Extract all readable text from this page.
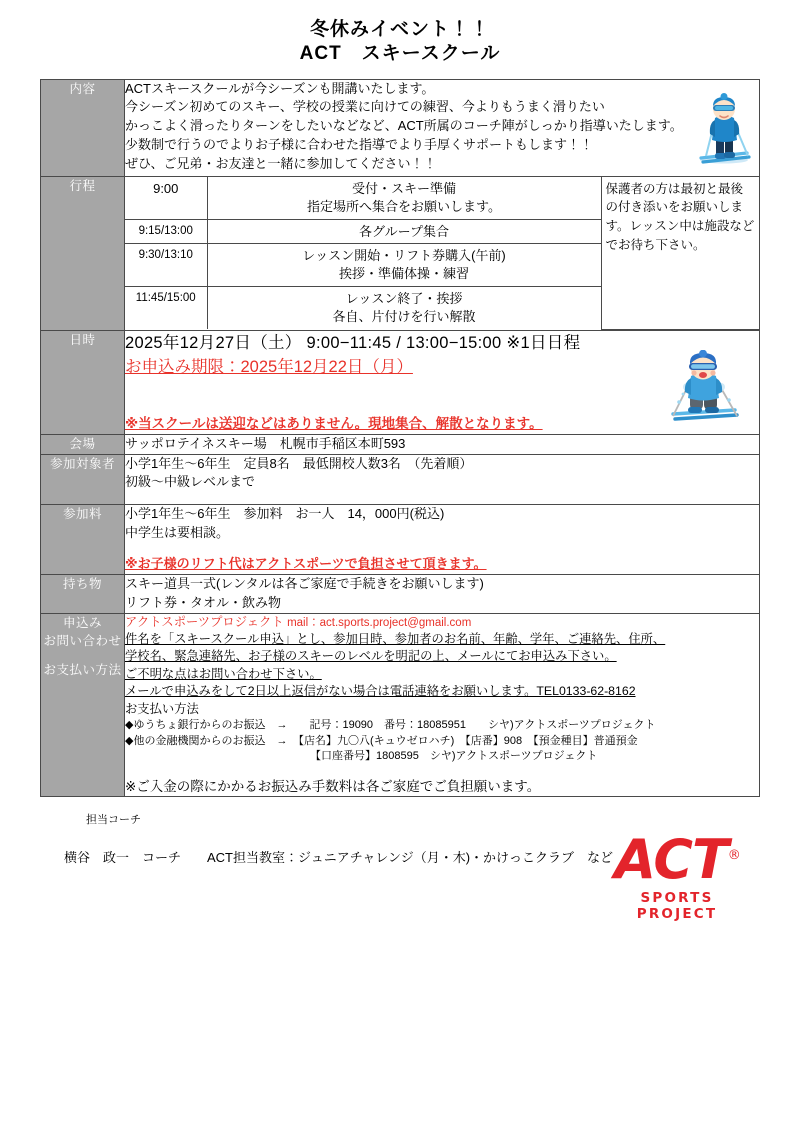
冬休みイベント！！
ACT　スキースクール
内容	ACTスキースクールが今シーズンも開講いたします。
今シーズン初めてのスキー、学校の授業に向けての練習、今よりもうまく滑りたい
かっこよく滑ったりターンをしたいなどなど、ACT所属のコーチ陣がしっかり指導いたします。
少数制で行うのでよりお子様に合わせた指導でより手厚くサポートもします！！
ぜひ、ご兄弟・お友達と一緒に参加してください！！

行程		9:00	受付・スキー準備
指定場所へ集合をお願いします。
	保護者の方は最初と最後の付き添いをお願いします。レッスン中は施設などでお待ち下さい。
9:15/13:00	各グループ集合

9:30/13:10	レッスン開始・リフト券購入(午前)
挨拶・準備体操・練習

11:45/15:00	レッスン終了・挨拶
各自、片付けを行い解散

日時	2025年12月27日（土） 9:00−11:45 / 13:00−15:00 ※1日日程
お申込み期限：2025年12月22日（月）
※当スクールは送迎などはありません。現地集合、解散となります。

会場	サッポロテイネスキー場　札幌市手稲区本町593

参加対象者	小学1年生～6年生　定員8名　最低開校人数3名　（先着順）
初級～中級レベルまで

参加料	小学1年生～6年生　参加料　お一人　14，000円(税込)
中学生は要相談。
※お子様のリフト代はアクトスポーツで負担させて頂きます。

持ち物	スキー道具一式(レンタルは各ご家庭で手続きをお願いします)
リフト券・タオル・飲み物

申込み
お問い合わせ
お支払い方法

アクトスポーツプロジェクト mail：act.sports.project@gmail.com
件名を「スキースクール申込」とし、参加日時、参加者のお名前、年齢、学年、ご連絡先、住所、
学校名、緊急連絡先、お子様のスキーのレベルを明記の上、メールにてお申込み下さい。
ご不明な点はお問い合わせ下さい。
メールで申込みをして2日以上返信がない場合は電話連絡をお願いします。TEL0133-62-8162
お支払い方法
◆ゆうちょ銀行からのお振込　→　　記号：19090　番号：18085951　　シヤ)アクトスポーツプロジェクト
◆他の金融機関からのお振込　→　【店名】九〇八(キュウゼロハチ)　【店番】908　【預金種目】普通預金
【口座番号】1808595　シヤ)アクトスポーツプロジェクト
※ご入金の際にかかるお振込み手数料は各ご家庭でご負担願います。
担当コーチ
横谷　政一　コーチ　　ACT担当教室：ジュニアチャレンジ（月・木)・かけっこクラブ　など ACT®
SPORTS PROJECT
